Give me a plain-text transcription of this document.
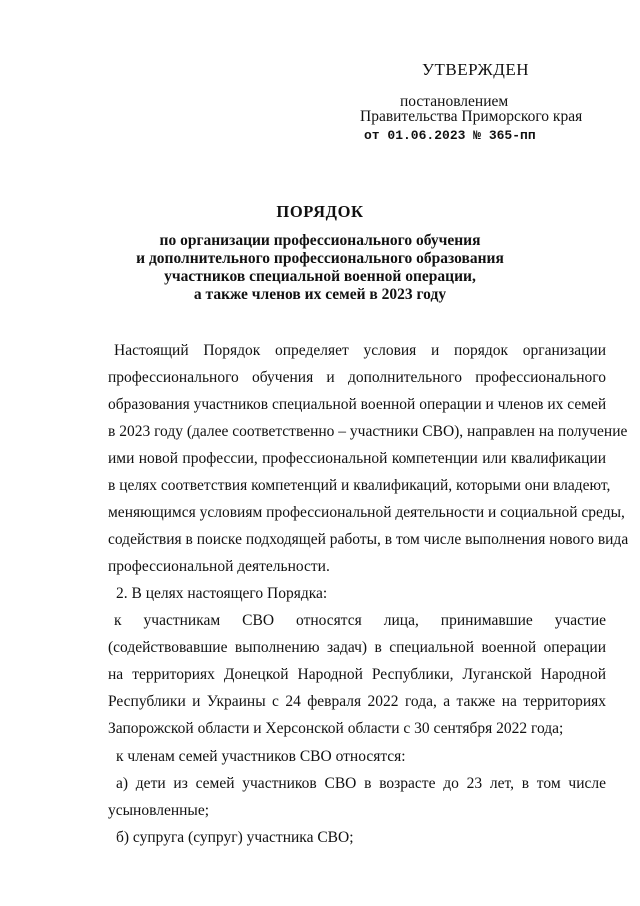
УТВЕРЖДЕН
постановлением
Правительства Приморского края
от 01.06.2023 № 365-пп
ПОРЯДОК
по организации профессионального обучения
и дополнительного профессионального образования
участников специальной военной операции,
а также членов их семей в 2023 году
Настоящий Порядок определяет условия и порядок организации
профессионального обучения и дополнительного профессионального
образования участников специальной военной операции и членов их семей
в 2023 году (далее соответственно – участники СВО), направлен на получение
ими новой профессии, профессиональной компетенции или квалификации
в целях соответствия компетенций и квалификаций, которыми они владеют,
меняющимся условиям профессиональной деятельности и социальной среды,
содействия в поиске подходящей работы, в том числе выполнения нового вида
профессиональной деятельности.
2. В целях настоящего Порядка:
к участникам СВО относятся лица, принимавшие участие
(содействовавшие выполнению задач) в специальной военной операции
на территориях Донецкой Народной Республики, Луганской Народной
Республики и Украины с 24 февраля 2022 года, а также на территориях
Запорожской области и Херсонской области с 30 сентября 2022 года;
к членам семей участников СВО относятся:
а) дети из семей участников СВО в возрасте до 23 лет, в том числе
усыновленные;
б) супруга (супруг) участника СВО;
